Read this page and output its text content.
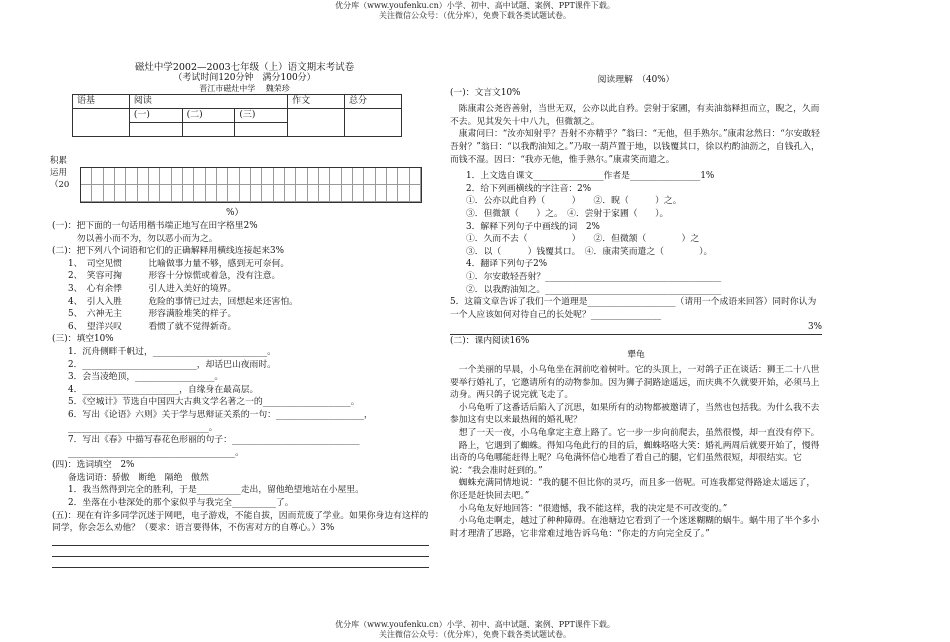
优分库（www.youfenku.cn）小学、初中、高中试题、案例、PPT课件下载。
关注微信公众号：（优分库），免费下载各类试题试卷。
磁灶中学2002—2003七年级（上）语文期末考试卷
（考试时间120分钟　满分100分）
晋江市磁灶中学　 魏荣珍
语基	阅读			作文	总分
	(一)	(二)	(三)		

积累运用（20
%）
(一)：把下面的一句话用楷书端正地写在田字格里2%
　勿以善小而不为，勿以恶小而为之。
(二)：把下列八个词语和它们的正确解释用横线连接起来3%
1、　司空见惯　　　比喻做事力量不够，感到无可奈何。
2、　笑容可掬　　　形容十分惊慌或着急，没有注意。
3、　心有余悸　　　引人进入美好的境界。
4、　引人入胜　　　危险的事情已过去，回想起来还害怕。
5、　六神无主　　　形容满脸堆笑的样子。
6、　望洋兴叹　　　看惯了就不觉得新奇。
(三)：填空10%
1．沉舟侧畔千帆过，__________________________。
2．__________________________，却话巴山夜雨时。
3．会当凌绝顶，__________________。
4．______________________，自缘身在最高层。
5．《空城计》节选自中国四大古典文学名著之一的____________________。
6．写出《论语》六则》关于学与思辩证关系的一句：____________________，
________________________________。
7．写出《春》中描写春花色形丽的句子：_____________________________
______________________________________。
(四)：选词填空　2%
备选词语：骄傲　断绝　隔绝　傲然
1．我当然得到完全的胜利，于是__________走出，留他绝望地站在小屋里。
2．坐落在小巷深处的那个家似乎与我完全__________了。
(五)：现在有许多同学沉迷于网吧，电子游戏，不能自拔，因而荒废了学业。如果你身边有这样的同学，你会怎么劝他？（要求：语言要得体，不伤害对方的自尊心。）3%
阅读理解　（40%）
(一)：文言文10%
　陈康肃公尧咨善射，当世无双，公亦以此自矜。尝射于家圃，有卖油翁释担而立，睨之，久而不去。见其发矢十中八九，但微颔之。
　康肃问曰：“汝亦知射乎？吾射不亦精乎？”翁曰：“无他，但手熟尔。”康肃忿然曰：“尔安敢轻吾射？”翁曰：“以我酌油知之。”乃取一葫芦置于地，以钱覆其口，徐以杓酌油沥之，自钱孔入，而钱不湿。因曰：“我亦无他，惟手熟尔。”康肃笑而遣之。
1．上文选自课文________________作者是________________1%
2．给下列画横线的字注音：2%
①．公亦以此自矜（　　　）　　②．睨（　　　）之。
③．但微颔（　　）之。　④．尝射于家圃（　　）。
3．解释下列句子中画线的词　2%
①．久而不去（　　　　　）　　②．但微颔（　　　　）之
③．以（　　　）钱覆其口。　④．康肃笑而遣之（　　　　）。
4．翻译下列句子2%
①．尔安敢轻吾射？________________________________________
②．以我酌油知之。________________________________________
5．这篇文章告诉了我们一个道理是____________________（请用一个成语来回答）同时你认为一个人应该如何对待自己的长处呢？________________
3%
(二)：课内阅读16%
犟龟
　一个美丽的早晨，小乌龟坐在洞前吃着树叶。它的头顶上，一对鸽子正在谈话：狮王二十八世要举行婚礼了，它邀请所有的动物参加。因为狮子洞路途遥远，而庆典不久就要开始，必须马上动身。两只鸽子说完就飞走了。
　小乌龟听了这番话后陷入了沉思，如果所有的动物都被邀请了，当然也包括我。为什么我不去参加这有史以来最热闹的婚礼呢？
　想了一天一夜，小乌龟拿定主意上路了。它一步一步向前爬去，虽然很慢，却一直没有停下。
　路上，它遇到了蜘蛛。得知乌龟此行的目的后，蜘蛛咯咯大笑：婚礼两周后就要开始了，慢得出奇的乌龟哪能赶得上呢？乌龟满怀信心地看了看自己的腿，它们虽然很短，却很结实。它说：“我会准时赶到的。”
　蜘蛛充满同情地说：“我的腿不但比你的灵巧，而且多一倍呢。可连我都觉得路途太遥远了，你还是赶快回去吧。”
　小乌龟友好地回答：“很遗憾，我不能这样，我的决定是不可改变的。”
　小乌龟走啊走，越过了种种障碍。在池塘边它看到了一个迷迷糊糊的蜗牛。蜗牛用了半个多小时才理清了思路，它非常难过地告诉乌龟：“你走的方向完全反了。”
优分库（www.youfenku.cn）小学、初中、高中试题、案例、PPT课件下载。
关注微信公众号：（优分库），免费下载各类试题试卷。
